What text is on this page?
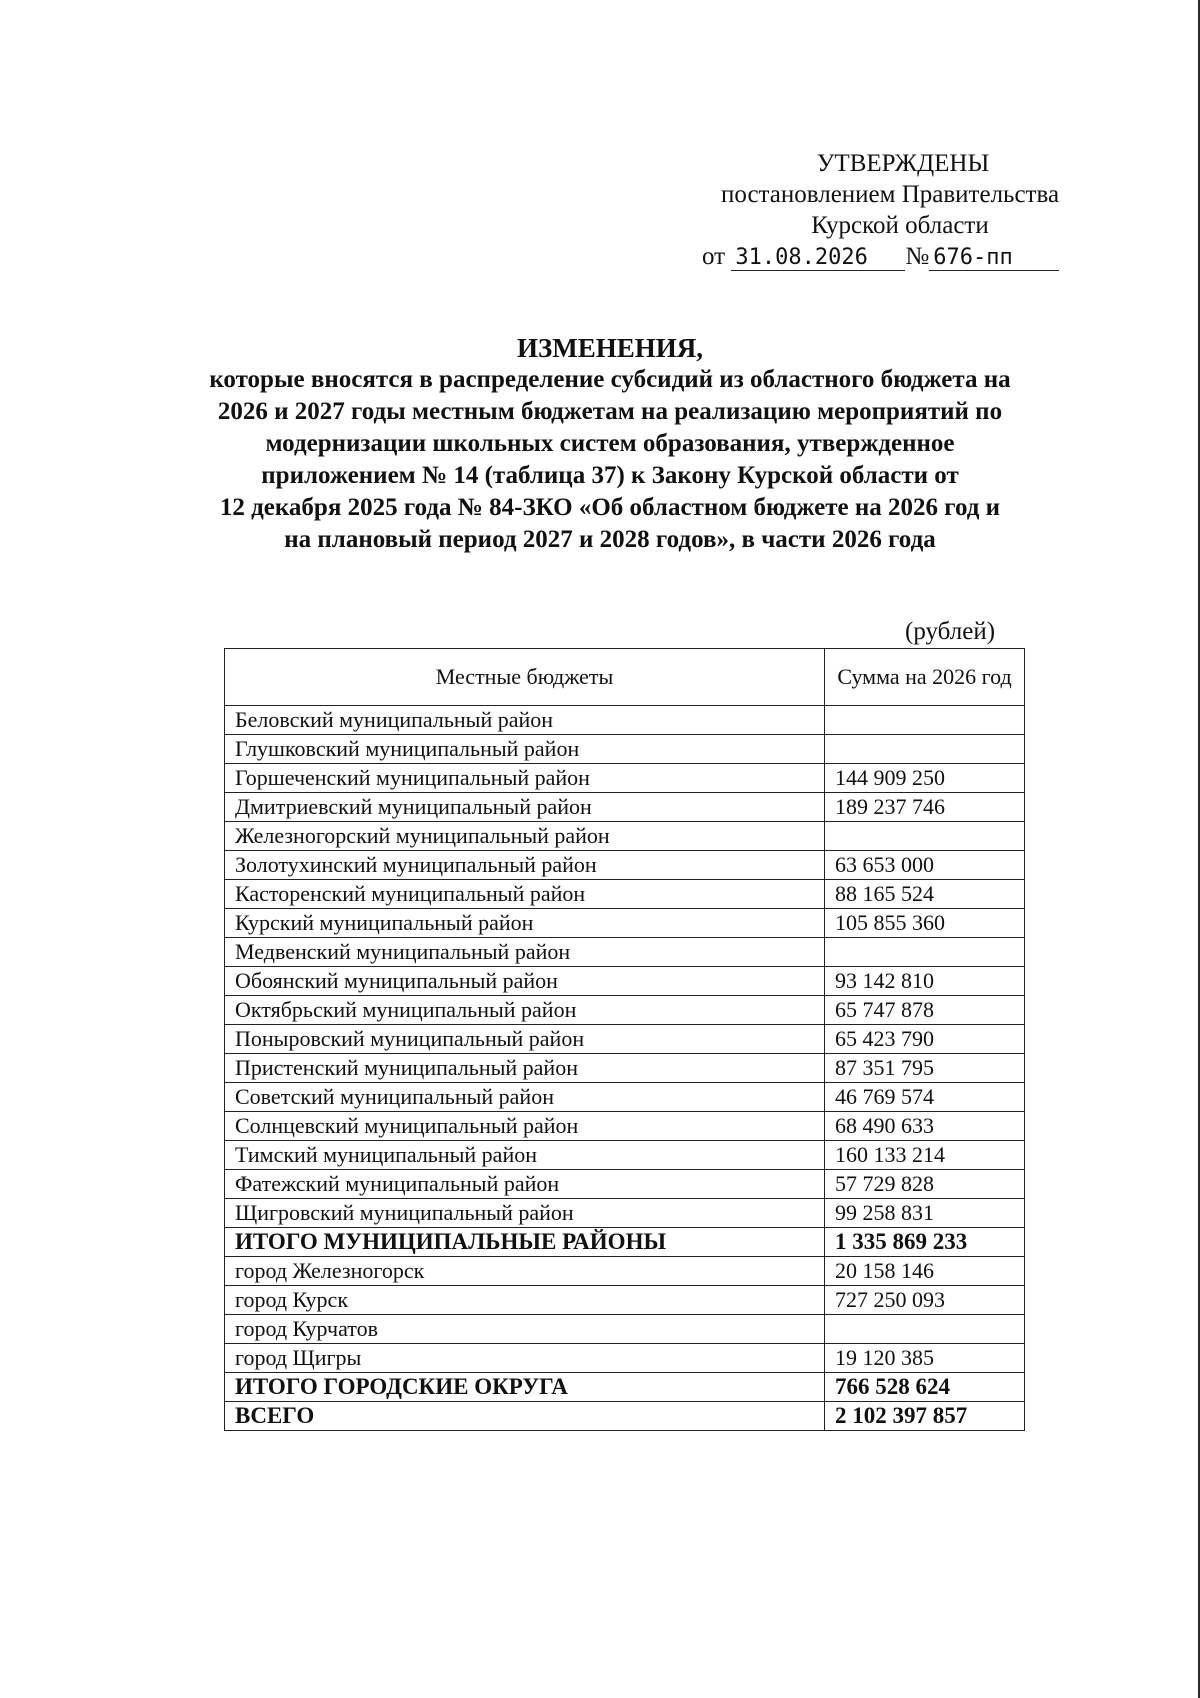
УТВЕРЖДЕНЫ
постановлением Правительства
Курской области
от 31.08.2026 № 676-пп
ИЗМЕНЕНИЯ,
которые вносятся в распределение субсидий из областного бюджета на
2026 и 2027 годы местным бюджетам на реализацию мероприятий по
модернизации школьных систем образования, утвержденное
приложением № 14 (таблица 37) к Закону Курской области от
12 декабря 2025 года № 84-ЗКО «Об областном бюджете на 2026 год и
на плановый период 2027 и 2028 годов», в части 2026 года
(рублей)
Местные бюджеты	Сумма на 2026 год
Беловский муниципальный район	
Глушковский муниципальный район	
Горшеченский муниципальный район	144 909 250
Дмитриевский муниципальный район	189 237 746
Железногорский муниципальный район	
Золотухинский муниципальный район	63 653 000
Касторенский муниципальный район	88 165 524
Курский муниципальный район	105 855 360
Медвенский муниципальный район	
Обоянский муниципальный район	93 142 810
Октябрьский муниципальный район	65 747 878
Поныровский муниципальный район	65 423 790
Пристенский муниципальный район	87 351 795
Советский муниципальный район	46 769 574
Солнцевский муниципальный район	68 490 633
Тимский муниципальный район	160 133 214
Фатежский муниципальный район	57 729 828
Щигровский муниципальный район	99 258 831
ИТОГО МУНИЦИПАЛЬНЫЕ РАЙОНЫ	1 335 869 233
город Железногорск	20 158 146
город Курск	727 250 093
город Курчатов	
город Щигры	19 120 385
ИТОГО ГОРОДСКИЕ ОКРУГА	766 528 624
ВСЕГО	2 102 397 857
